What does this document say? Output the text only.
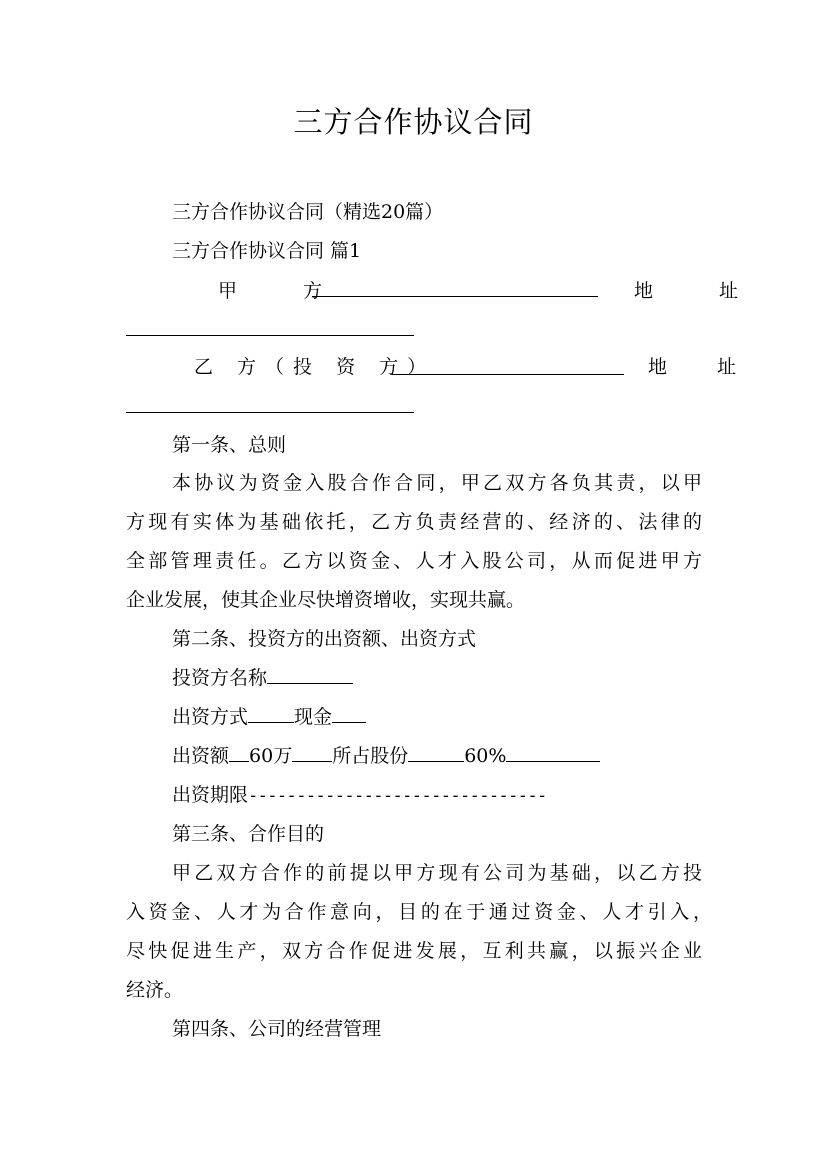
三方合作协议合同
三方合作协议合同（精选20篇）
三方合作协议合同 篇1
甲 方	地 址
乙 方（投 资 方）	地 址
第一条、总则
本协议为资金入股合作合同，甲乙双方各负其责，以甲
方现有实体为基础依托，乙方负责经营的、经济的、法律的
全部管理责任。乙方以资金、人才入股公司，从而促进甲方
企业发展，使其企业尽快增资增收，实现共赢。
第二条、投资方的出资额、出资方式
投资方名称
出资方式 现金
出资额 60万 所占股份	60%
出资期限-------------------------------
第三条、合作目的
甲乙双方合作的前提以甲方现有公司为基础，以乙方投
入资金、人才为合作意向，目的在于通过资金、人才引入，
尽快促进生产，双方合作促进发展，互利共赢，以振兴企业
经济。
第四条、公司的经营管理
